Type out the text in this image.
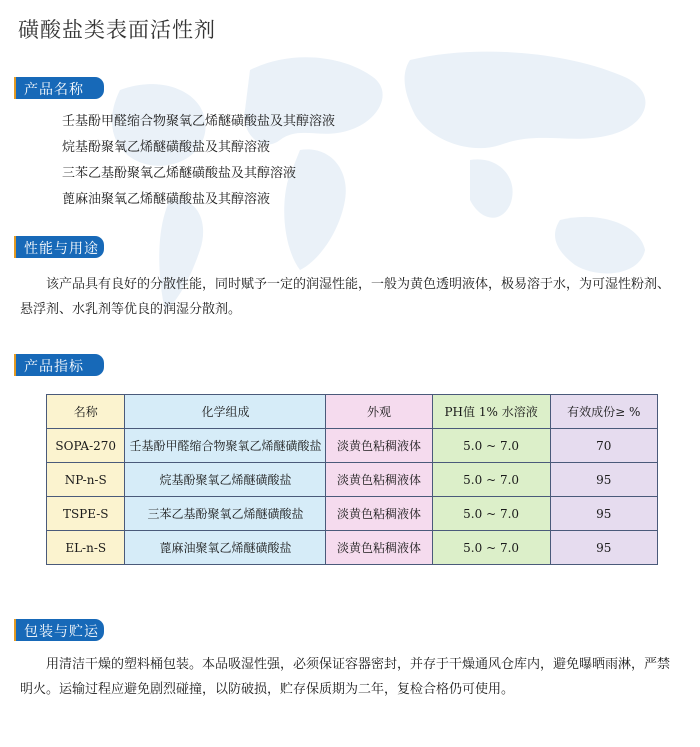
磺酸盐类表面活性剂
产品名称
壬基酚甲醛缩合物聚氧乙烯醚磺酸盐及其醇溶液
烷基酚聚氧乙烯醚磺酸盐及其醇溶液
三苯乙基酚聚氧乙烯醚磺酸盐及其醇溶液
蓖麻油聚氧乙烯醚磺酸盐及其醇溶液
性能与用途

该产品具有良好的分散性能，同时赋予一定的润湿性能，一般为黄色透明液体，极易溶于水，为可湿性粉剂、悬浮剂、水乳剂等优良的润湿分散剂。

产品指标
名称	化学组成	外观	PH值 1% 水溶液	有效成份≥ %
SOPA-270	壬基酚甲醛缩合物聚氧乙烯醚磺酸盐	淡黄色粘稠液体	5.0 ~ 7.0	70
NP-n-S	烷基酚聚氧乙烯醚磺酸盐	淡黄色粘稠液体	5.0 ~ 7.0	95
TSPE-S	三苯乙基酚聚氧乙烯醚磺酸盐	淡黄色粘稠液体	5.0 ~ 7.0	95
EL-n-S	蓖麻油聚氧乙烯醚磺酸盐	淡黄色粘稠液体	5.0 ~ 7.0	95
包装与贮运

用清洁干燥的塑料桶包装。本品吸湿性强，必须保证容器密封，并存于干燥通风仓库内，避免曝晒雨淋，严禁明火。运输过程应避免剧烈碰撞，以防破损，贮存保质期为二年，复检合格仍可使用。
